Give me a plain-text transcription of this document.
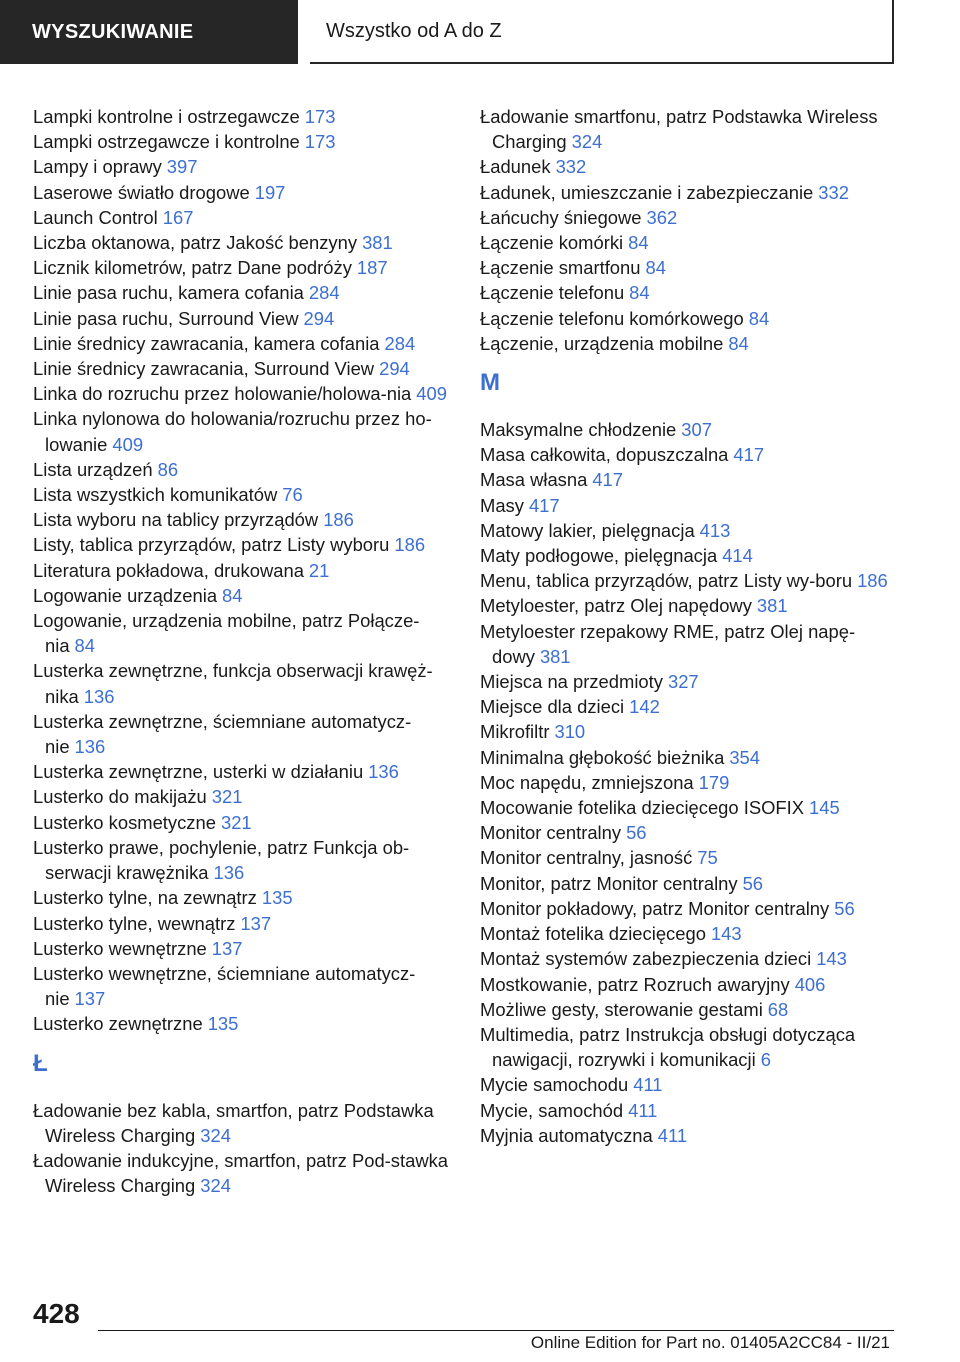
WYSZUKIWANIE	Wszystko od A do Z
Lampki kontrolne i ostrzegawcze 173
Lampki ostrzegawcze i kontrolne 173
Lampy i oprawy 397
Laserowe światło drogowe 197
Launch Control 167
Liczba oktanowa, patrz Jakość benzyny 381
Licznik kilometrów, patrz Dane podróży 187
Linie pasa ruchu, kamera cofania 284
Linie pasa ruchu, Surround View 294
Linie średnicy zawracania, kamera cofania 284
Linie średnicy zawracania, Surround View 294
Linka do rozruchu przez holowanie/holowa-nia 409
Linka nylonowa do holowania/rozruchu przez ho-lowanie 409
Lista urządzeń 86
Lista wszystkich komunikatów 76
Lista wyboru na tablicy przyrządów 186
Listy, tablica przyrządów, patrz Listy wyboru 186
Literatura pokładowa, drukowana 21
Logowanie urządzenia 84
Logowanie, urządzenia mobilne, patrz Połącze-nia 84
Lusterka zewnętrzne, funkcja obserwacji krawęż-nika 136
Lusterka zewnętrzne, ściemniane automatycz-nie 136
Lusterka zewnętrzne, usterki w działaniu 136
Lusterko do makijażu 321
Lusterko kosmetyczne 321
Lusterko prawe, pochylenie, patrz Funkcja ob-serwacji krawężnika 136
Lusterko tylne, na zewnątrz 135
Lusterko tylne, wewnątrz 137
Lusterko wewnętrzne 137
Lusterko wewnętrzne, ściemniane automatycz-nie 137
Lusterko zewnętrzne 135
Ł
Ładowanie bez kabla, smartfon, patrz Podstawka Wireless Charging 324
Ładowanie indukcyjne, smartfon, patrz Pod-stawka Wireless Charging 324
Ładowanie smartfonu, patrz Podstawka Wireless Charging 324
Ładunek 332
Ładunek, umieszczanie i zabezpieczanie 332
Łańcuchy śniegowe 362
Łączenie komórki 84
Łączenie smartfonu 84
Łączenie telefonu 84
Łączenie telefonu komórkowego 84
Łączenie, urządzenia mobilne 84
M
Maksymalne chłodzenie 307
Masa całkowita, dopuszczalna 417
Masa własna 417
Masy 417
Matowy lakier, pielęgnacja 413
Maty podłogowe, pielęgnacja 414
Menu, tablica przyrządów, patrz Listy wy-boru 186
Metyloester, patrz Olej napędowy 381
Metyloester rzepakowy RME, patrz Olej napę-dowy 381
Miejsca na przedmioty 327
Miejsce dla dzieci 142
Mikrofiltr 310
Minimalna głębokość bieżnika 354
Moc napędu, zmniejszona 179
Mocowanie fotelika dziecięcego ISOFIX 145
Monitor centralny 56
Monitor centralny, jasność 75
Monitor, patrz Monitor centralny 56
Monitor pokładowy, patrz Monitor centralny 56
Montaż fotelika dziecięcego 143
Montaż systemów zabezpieczenia dzieci 143
Mostkowanie, patrz Rozruch awaryjny 406
Możliwe gesty, sterowanie gestami 68
Multimedia, patrz Instrukcja obsługi dotycząca nawigacji, rozrywki i komunikacji 6
Mycie samochodu 411
Mycie, samochód 411
Myjnia automatyczna 411
428
Online Edition for Part no. 01405A2CC84 - II/21
